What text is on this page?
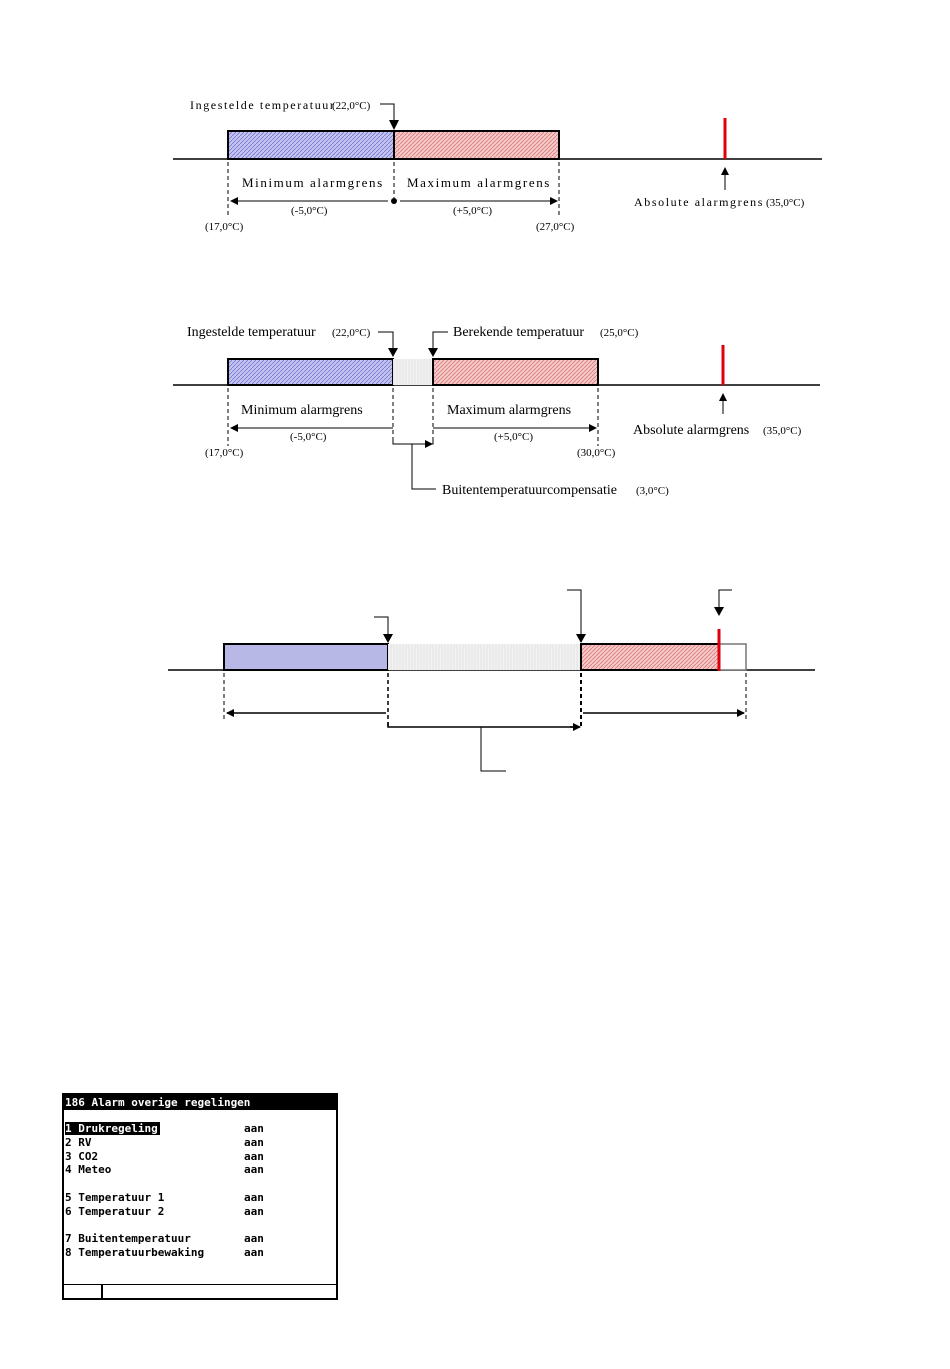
Ingestelde temperatuur
(22,0°C)
Minimum alarmgrens Maximum alarmgrens
(-5,0°C)	(+5,0°C)
(17,0°C)	(27,0°C)
Absolute alarmgrens (35,0°C)
Ingestelde temperatuur (22,0°C)	Berekende temperatuur (25,0°C)
Minimum alarmgrens	Maximum alarmgrens
(-5,0°C)	(+5,0°C)
(17,0°C)	(30,0°C)
Absolute alarmgrens (35,0°C)
Buitentemperatuurcompensatie (3,0°C)
186 Alarm overige regelingen
1 Drukregeling	aan
2 RV	aan
3 CO2	aan
4 Meteo	aan
5 Temperatuur 1	aan
6 Temperatuur 2	aan
7 Buitentemperatuur	aan
8 Temperatuurbewaking	aan
